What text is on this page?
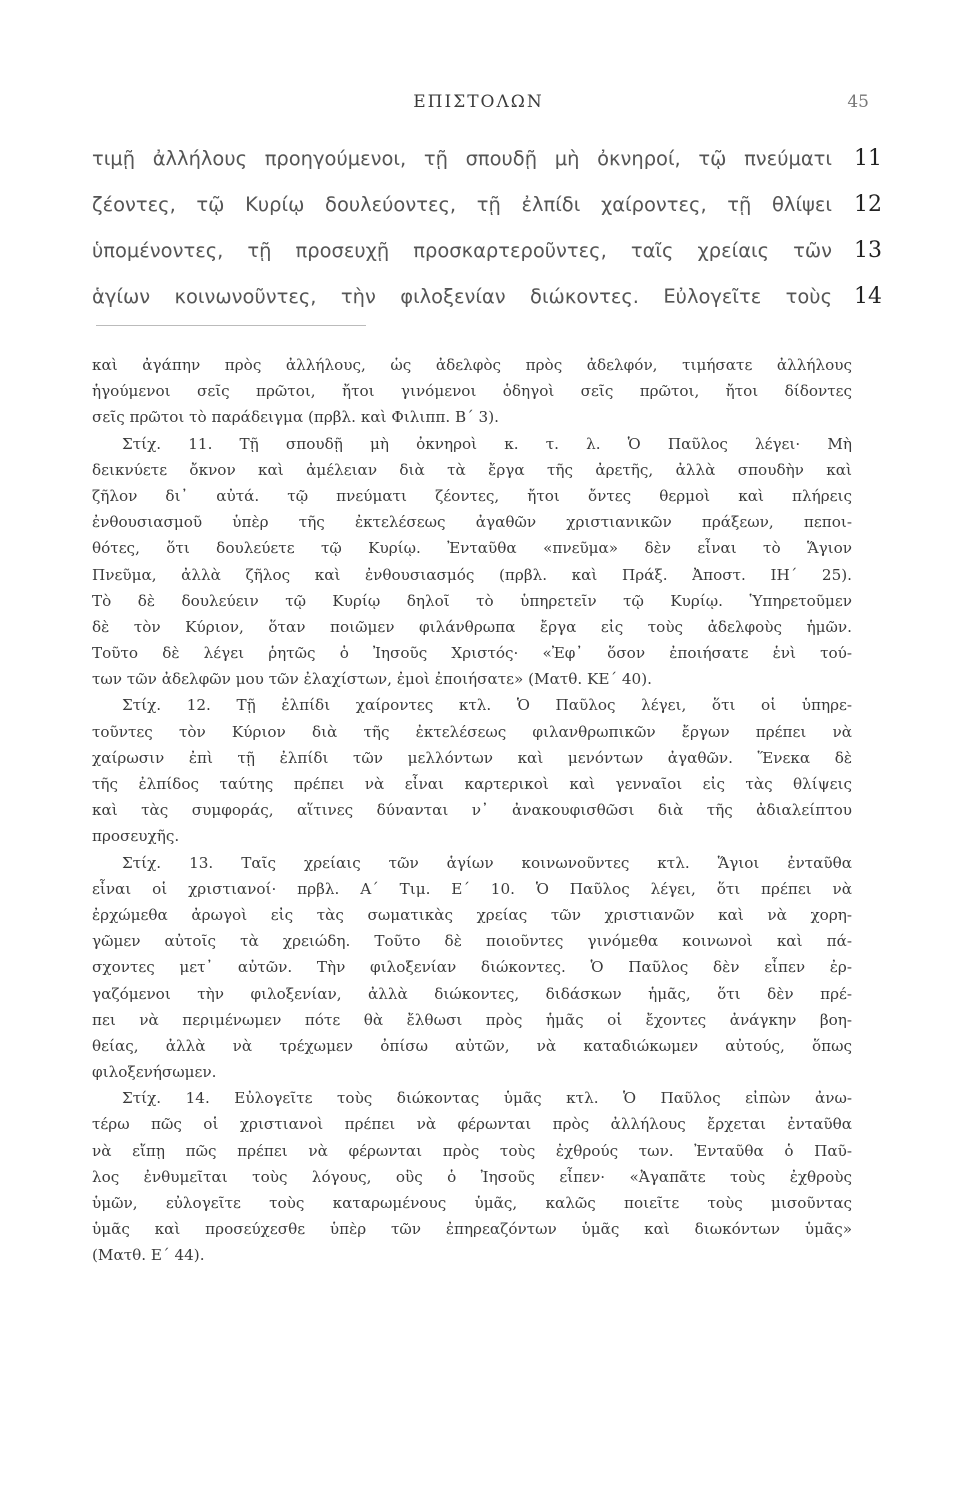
ΕΠΙΣΤΟΛΩΝ	45
τιμῇ ἀλλήλους προηγούμενοι, τῇ σπουδῇ μὴ ὀκνηροί, τῷ πνεύματι	11
ζέοντες, τῷ Κυρίῳ δουλεύοντες, τῇ ἐλπίδι χαίροντες, τῇ θλίψει	12
ὑπομένοντες, τῇ προσευχῇ προσκαρτεροῦντες, ταῖς χρείαις τῶν	13
ἁγίων κοινωνοῦντες, τὴν φιλοξενίαν διώκοντες. Εὐλογεῖτε τοὺς	14
καὶ ἀγάπην πρὸς ἀλλήλους, ὡς ἀδελφὸς πρὸς ἀδελφόν, τιμήσατε ἀλλήλους
ἡγούμενοι σεῖς πρῶτοι, ἤτοι γινόμενοι ὁδηγοὶ σεῖς πρῶτοι, ἤτοι δίδοντες
σεῖς πρῶτοι τὸ παράδειγμα (πρβλ. καὶ Φιλιππ. Β΄ 3).
Στίχ. 11. Τῇ σπουδῇ μὴ ὀκνηροὶ κ. τ. λ. Ὁ Παῦλος λέγει· Μὴ
δεικνύετε ὄκνον καὶ ἀμέλειαν διὰ τὰ ἔργα τῆς ἀρετῆς, ἀλλὰ σπουδὴν καὶ
ζῆλον δι᾽ αὐτά. τῷ πνεύματι ζέοντες, ἤτοι ὄντες θερμοὶ καὶ πλήρεις
ἐνθουσιασμοῦ ὑπὲρ τῆς ἐκτελέσεως ἀγαθῶν χριστιανικῶν πράξεων, πεποι-
θότες, ὅτι δουλεύετε τῷ Κυρίῳ. Ἐνταῦθα «πνεῦμα» δὲν εἶναι τὸ Ἅγιον
Πνεῦμα, ἀλλὰ ζῆλος καὶ ἐνθουσιασμός (πρβλ. καὶ Πράξ. Ἀποστ. ΙΗ΄ 25).
Τὸ δὲ δουλεύειν τῷ Κυρίῳ δηλοῖ τὸ ὑπηρετεῖν τῷ Κυρίῳ. Ὑπηρετοῦμεν
δὲ τὸν Κύριον, ὅταν ποιῶμεν φιλάνθρωπα ἔργα εἰς τοὺς ἀδελφοὺς ἡμῶν.
Τοῦτο δὲ λέγει ῥητῶς ὁ Ἰησοῦς Χριστός· «Ἐφ᾽ ὅσον ἐποιήσατε ἑνὶ τού-
των τῶν ἀδελφῶν μου τῶν ἐλαχίστων, ἐμοὶ ἐποιήσατε» (Ματθ. ΚΕ΄ 40).
Στίχ. 12. Τῇ ἐλπίδι χαίροντες κτλ. Ὁ Παῦλος λέγει, ὅτι οἱ ὑπηρε-
τοῦντες τὸν Κύριον διὰ τῆς ἐκτελέσεως φιλανθρωπικῶν ἔργων πρέπει νὰ
χαίρωσιν ἐπὶ τῇ ἐλπίδι τῶν μελλόντων καὶ μενόντων ἀγαθῶν. Ἕνεκα δὲ
τῆς ἐλπίδος ταύτης πρέπει νὰ εἶναι καρτερικοὶ καὶ γενναῖοι εἰς τὰς θλίψεις
καὶ τὰς συμφοράς, αἵτινες δύνανται ν᾽ ἀνακουφισθῶσι διὰ τῆς ἀδιαλείπτου
προσευχῆς.
Στίχ. 13. Ταῖς χρείαις τῶν ἁγίων κοινωνοῦντες κτλ. Ἅγιοι ἐνταῦθα
εἶναι οἱ χριστιανοί· πρβλ. Α΄ Τιμ. Ε΄ 10. Ὁ Παῦλος λέγει, ὅτι πρέπει νὰ
ἐρχώμεθα ἀρωγοὶ εἰς τὰς σωματικὰς χρείας τῶν χριστιανῶν καὶ νὰ χορη-
γῶμεν αὐτοῖς τὰ χρειώδη. Τοῦτο δὲ ποιοῦντες γινόμεθα κοινωνοὶ καὶ πά-
σχοντες μετ᾽ αὐτῶν. Τὴν φιλοξενίαν διώκοντες. Ὁ Παῦλος δὲν εἶπεν ἐρ-
γαζόμενοι τὴν φιλοξενίαν, ἀλλὰ διώκοντες, διδάσκων ἡμᾶς, ὅτι δὲν πρέ-
πει νὰ περιμένωμεν πότε θὰ ἔλθωσι πρὸς ἡμᾶς οἱ ἔχοντες ἀνάγκην βοη-
θείας, ἀλλὰ νὰ τρέχωμεν ὀπίσω αὐτῶν, νὰ καταδιώκωμεν αὐτούς, ὅπως
φιλοξενήσωμεν.
Στίχ. 14. Εὐλογεῖτε τοὺς διώκοντας ὑμᾶς κτλ. Ὁ Παῦλος εἰπὼν ἀνω-
τέρω πῶς οἱ χριστιανοὶ πρέπει νὰ φέρωνται πρὸς ἀλλήλους ἔρχεται ἐνταῦθα
νὰ εἴπῃ πῶς πρέπει νὰ φέρωνται πρὸς τοὺς ἐχθρούς των. Ἐνταῦθα ὁ Παῦ-
λος ἐνθυμεῖται τοὺς λόγους, οὓς ὁ Ἰησοῦς εἶπεν· «Ἀγαπᾶτε τοὺς ἐχθροὺς
ὑμῶν, εὐλογεῖτε τοὺς καταρωμένους ὑμᾶς, καλῶς ποιεῖτε τοὺς μισοῦντας
ὑμᾶς καὶ προσεύχεσθε ὑπὲρ τῶν ἐπηρεαζόντων ὑμᾶς καὶ διωκόντων ὑμᾶς»
(Ματθ. Ε΄ 44).
